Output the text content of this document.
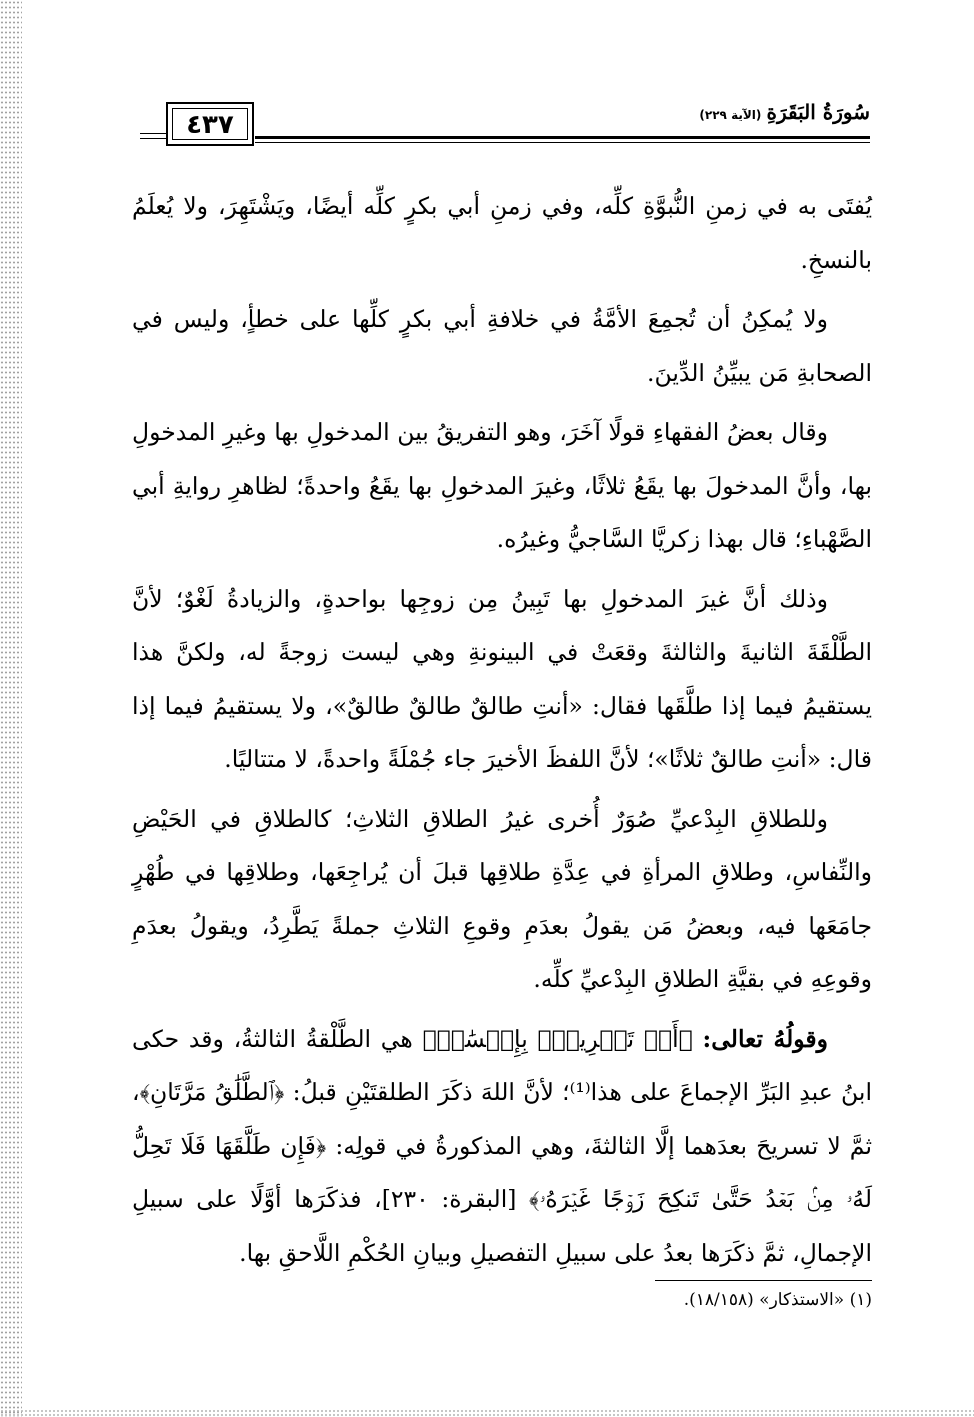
٤٣٧	سُورَةُ البَقَرَةِ (الآية ٢٢٩)

يُفتَى به في زمنِ النُّبوَّةِ كلِّه، وفي زمنِ أبي بكرٍ كلِّه أيضًا، ويَشْتَهِرَ، ولا يُعلَمُ بالنسخِ.

ولا يُمكِنُ أن تُجمِعَ الأمَّةُ في خلافةِ أبي بكرٍ كلِّها على خطأٍ، وليس في الصحابةِ مَن يبيِّنُ الدِّينَ.

وقال بعضُ الفقهاءِ قولًا آخَرَ، وهو التفريقُ بين المدخولِ بها وغيرِ المدخولِ بها، وأنَّ المدخولَ بها يقَعُ ثلاثًا، وغيرَ المدخولِ بها يقَعُ واحدةً؛ لظاهرِ روايةِ أبي الصَّهْباءِ؛ قال بهذا زكريَّا السَّاجيُّ وغيرُه.

وذلك أنَّ غيرَ المدخولِ بها تَبِينُ مِن زوجِها بواحدةٍ، والزيادةُ لَغْوٌ؛ لأنَّ الطَّلْقَةَ الثانيةَ والثالثةَ وقعَتْ في البينونةِ وهي ليست زوجةً له، ولكنَّ هذا يستقيمُ فيما إذا طلَّقَها فقال: «أنتِ طالقٌ طالقٌ طالقٌ»، ولا يستقيمُ فيما إذا قال: «أنتِ طالقٌ ثلاثًا»؛ لأنَّ اللفظَ الأخيرَ جاء جُمْلَةً واحدةً، لا متتاليًا.

وللطلاقِ البِدْعيِّ صُوَرٌ أُخرى غيرُ الطلاقِ الثلاثِ؛ كالطلاقِ في الحَيْضِ والنِّفاسِ، وطلاقِ المرأةِ في عِدَّةِ طلاقِها قبلَ أن يُراجِعَها، وطلاقِها في طُهْرٍ جامَعَها فيه، وبعضُ مَن يقولُ بعدَمِ وقوعِ الثلاثِ جملةً يَطَّرِدُ، ويقولُ بعدَمِ وقوعِهِ في بقيَّةِ الطلاقِ البِدْعيِّ كلِّه.

وقولُهُ تعالى: ﴿أَوۡ تَسۡرِيحُۢ بِإِحۡسَٰنٖ﴾ هي الطَّلْقةُ الثالثةُ، وقد حكى ابنُ عبدِ البَرِّ الإجماعَ على هذا⁽¹⁾؛ لأنَّ اللهَ ذكَرَ الطلقتَيْنِ قبلُ: ﴿ٱلطَّلَٰقُ مَرَّتَانِ﴾، ثمَّ لا تسريحَ بعدَهما إلَّا الثالثةَ، وهي المذكورةُ في قولِه: ﴿فَإِن طَلَّقَهَا فَلَا تَحِلُّ لَهُۥ مِنۢ بَعۡدُ حَتَّىٰ تَنكِحَ زَوۡجًا غَيۡرَهُۥ﴾ [البقرة: ٢٣٠]، فذكَرَها أوَّلًا على سبيلِ الإجمالِ، ثمَّ ذكَرَها بعدُ على سبيلِ التفصيلِ وبيانِ الحُكْمِ اللَّاحقِ بها.

(١) «الاستذكار» (١٨/١٥٨).
